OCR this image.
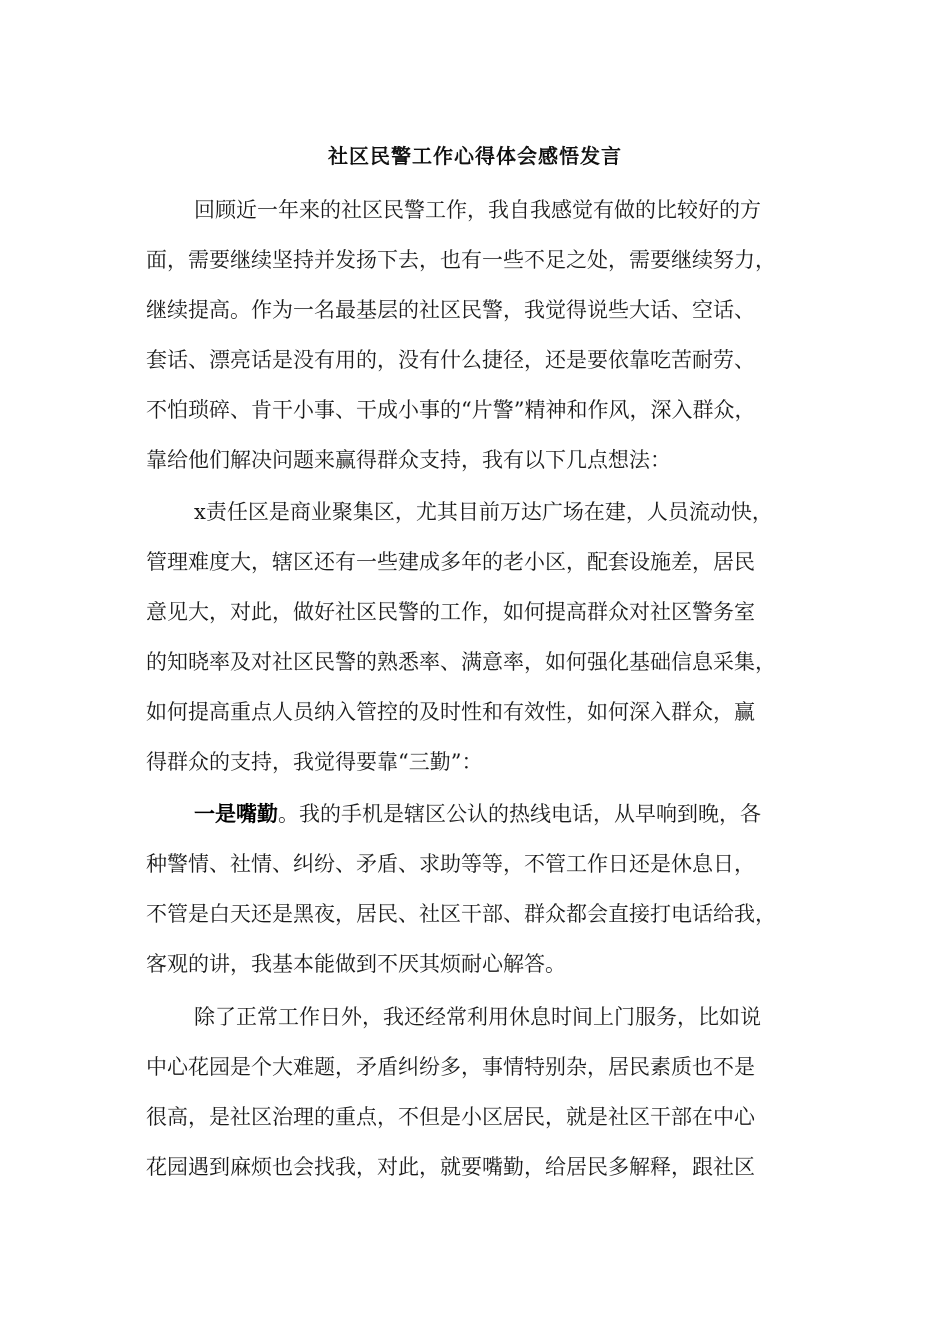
社区民警工作心得体会感悟发言
回顾近一年来的社区民警工作，我自我感觉有做的比较好的方
面，需要继续坚持并发扬下去，也有一些不足之处，需要继续努力，
继续提高。作为一名最基层的社区民警，我觉得说些大话、空话、
套话、漂亮话是没有用的，没有什么捷径，还是要依靠吃苦耐劳、
不怕琐碎、肯干小事、干成小事的“片警”精神和作风，深入群众，
靠给他们解决问题来赢得群众支持，我有以下几点想法：
x责任区是商业聚集区，尤其目前万达广场在建，人员流动快，
管理难度大，辖区还有一些建成多年的老小区，配套设施差，居民
意见大，对此，做好社区民警的工作，如何提高群众对社区警务室
的知晓率及对社区民警的熟悉率、满意率，如何强化基础信息采集，
如何提高重点人员纳入管控的及时性和有效性，如何深入群众，赢
得群众的支持，我觉得要靠“三勤”：
一是嘴勤。我的手机是辖区公认的热线电话，从早响到晚，各
种警情、社情、纠纷、矛盾、求助等等，不管工作日还是休息日，
不管是白天还是黑夜，居民、社区干部、群众都会直接打电话给我，
客观的讲，我基本能做到不厌其烦耐心解答。
除了正常工作日外，我还经常利用休息时间上门服务，比如说
中心花园是个大难题，矛盾纠纷多，事情特别杂，居民素质也不是
很高，是社区治理的重点，不但是小区居民，就是社区干部在中心
花园遇到麻烦也会找我，对此，就要嘴勤，给居民多解释，跟社区
